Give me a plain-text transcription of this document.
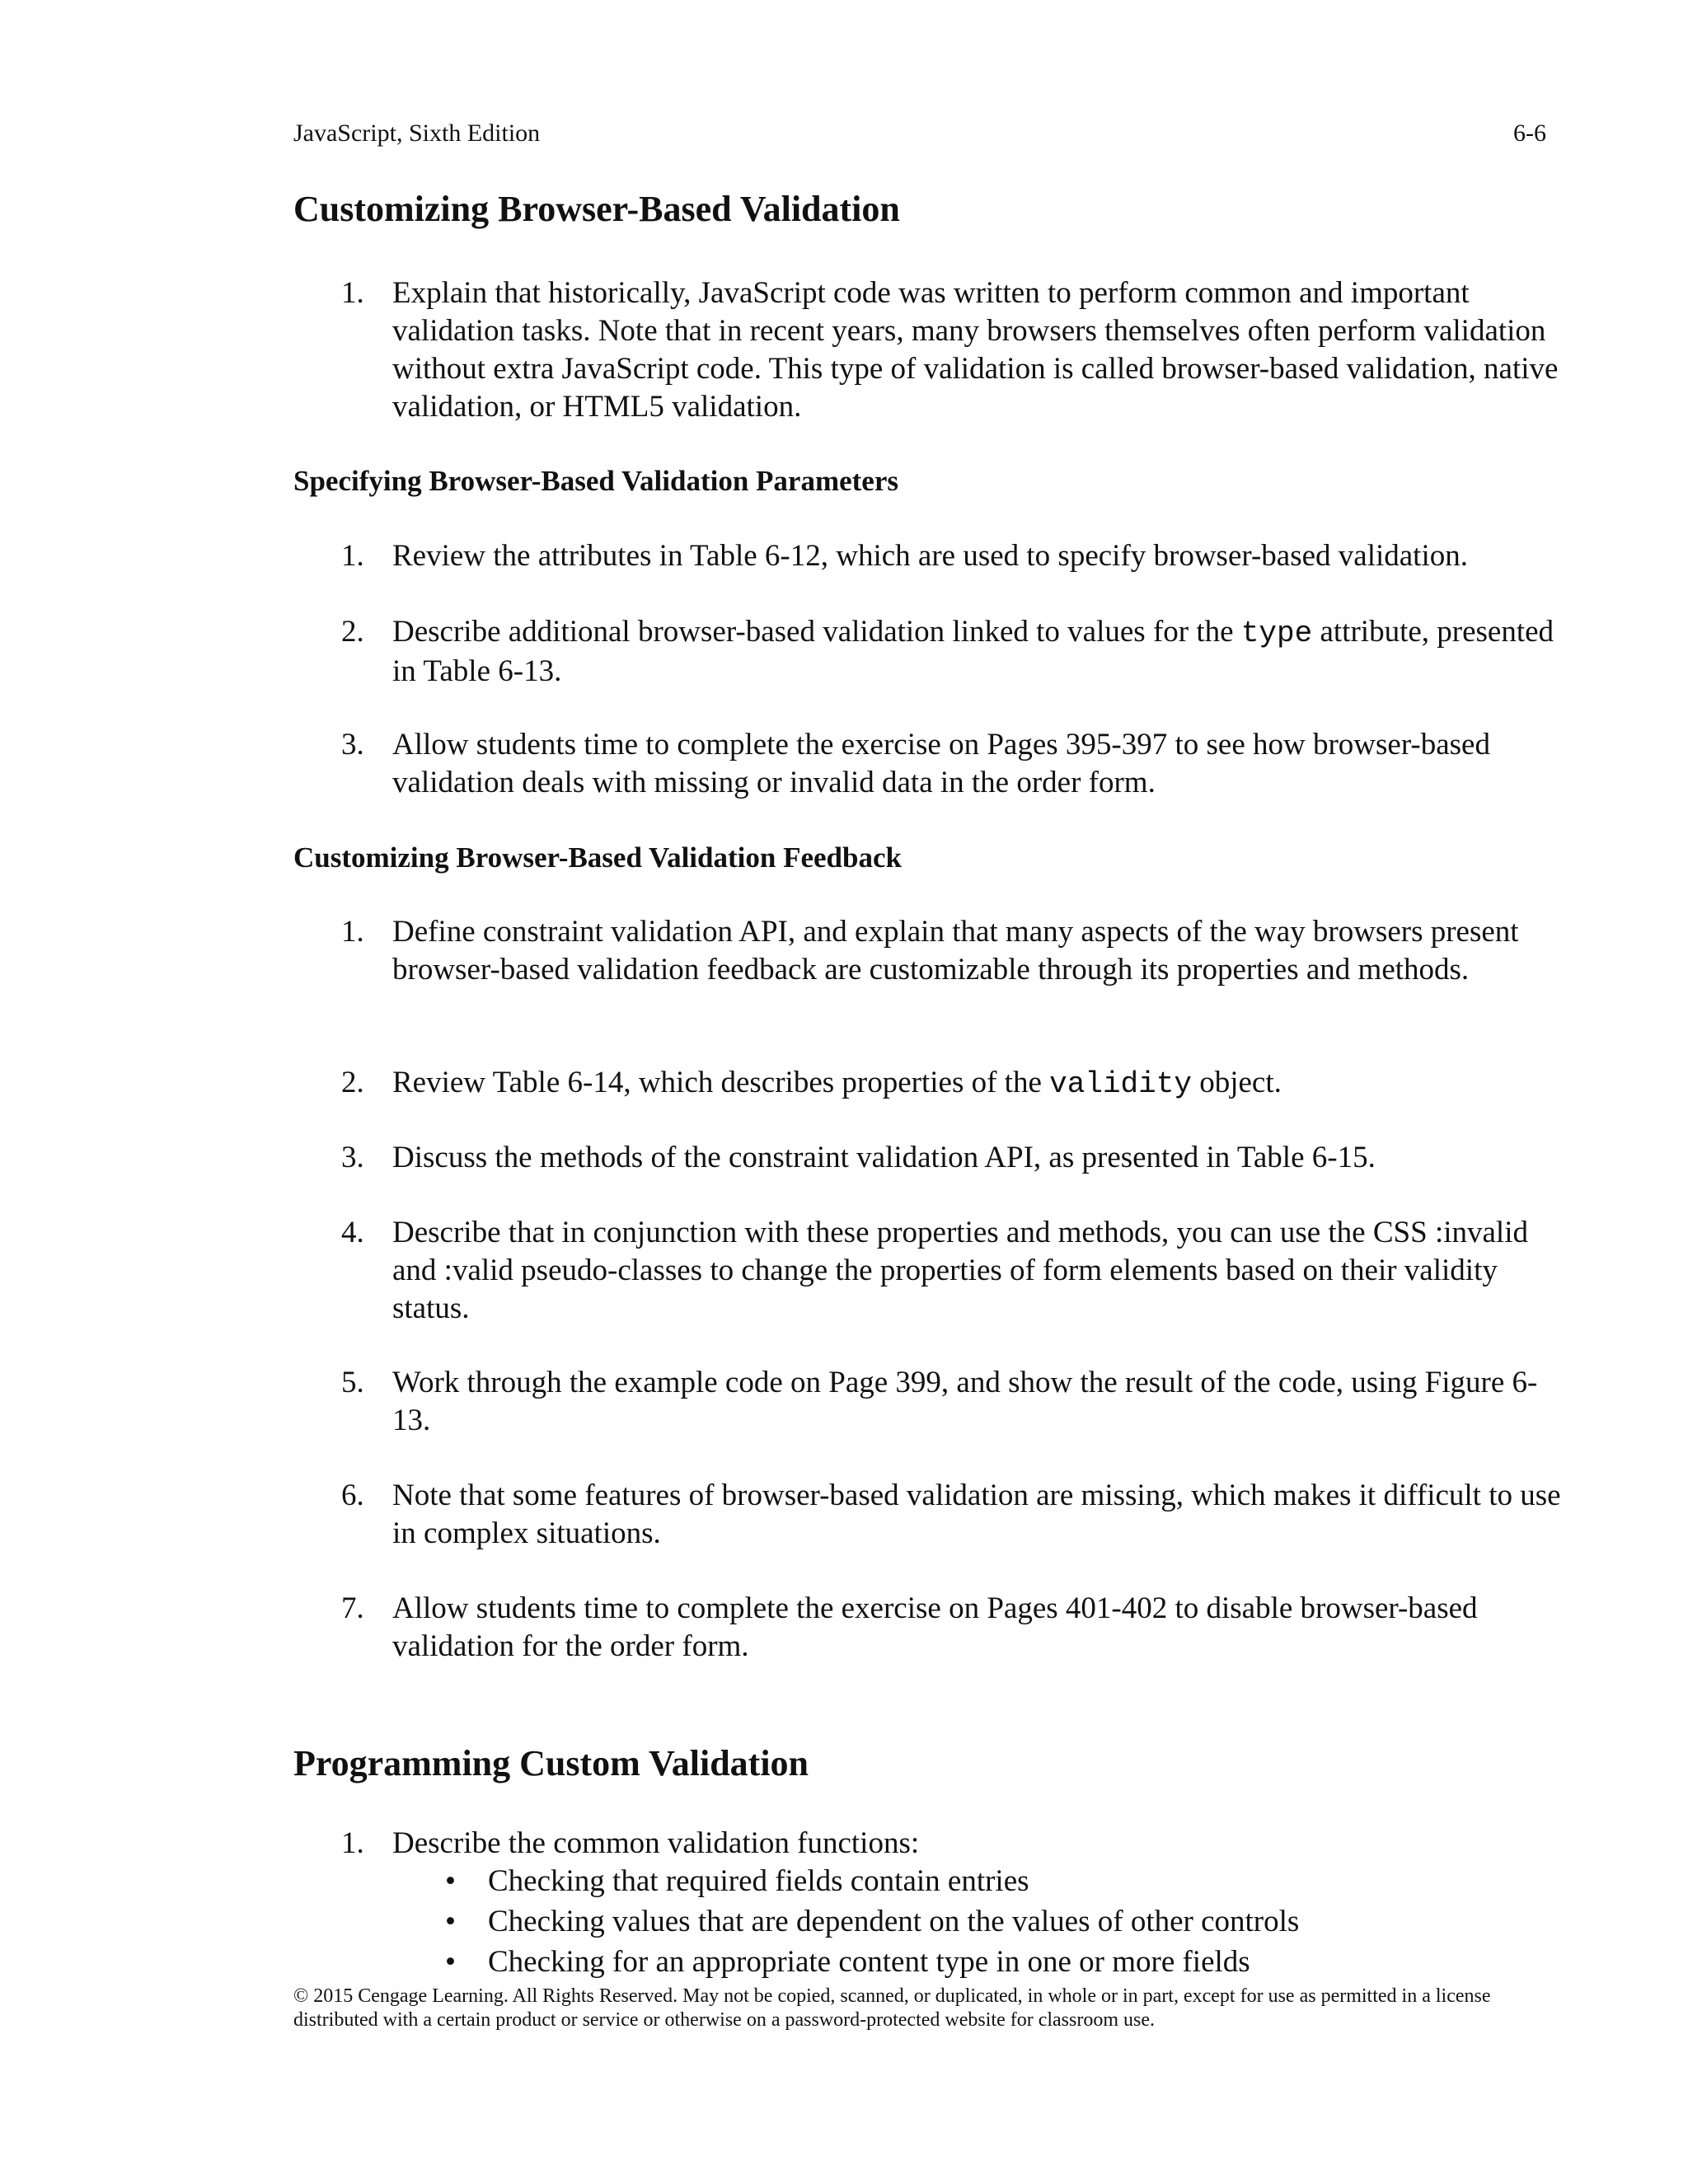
JavaScript, Sixth Edition	6-6
Customizing Browser-Based Validation
1. Explain that historically, JavaScript code was written to perform common and important validation tasks. Note that in recent years, many browsers themselves often perform validation without extra JavaScript code. This type of validation is called browser-based validation, native validation, or HTML5 validation.
Specifying Browser-Based Validation Parameters
1. Review the attributes in Table 6-12, which are used to specify browser-based validation.
2. Describe additional browser-based validation linked to values for the type attribute, presented in Table 6-13.
3. Allow students time to complete the exercise on Pages 395-397 to see how browser-based validation deals with missing or invalid data in the order form.
Customizing Browser-Based Validation Feedback
1. Define constraint validation API, and explain that many aspects of the way browsers present browser-based validation feedback are customizable through its properties and methods.
2. Review Table 6-14, which describes properties of the validity object.
3. Discuss the methods of the constraint validation API, as presented in Table 6-15.
4. Describe that in conjunction with these properties and methods, you can use the CSS :invalid and :valid pseudo-classes to change the properties of form elements based on their validity status.
5. Work through the example code on Page 399, and show the result of the code, using Figure 6-13.
6. Note that some features of browser-based validation are missing, which makes it difficult to use in complex situations.
7. Allow students time to complete the exercise on Pages 401-402 to disable browser-based validation for the order form.
Programming Custom Validation
1. Describe the common validation functions:
• Checking that required fields contain entries
• Checking values that are dependent on the values of other controls
• Checking for an appropriate content type in one or more fields
© 2015 Cengage Learning. All Rights Reserved. May not be copied, scanned, or duplicated, in whole or in part, except for use as permitted in a license distributed with a certain product or service or otherwise on a password-protected website for classroom use.
